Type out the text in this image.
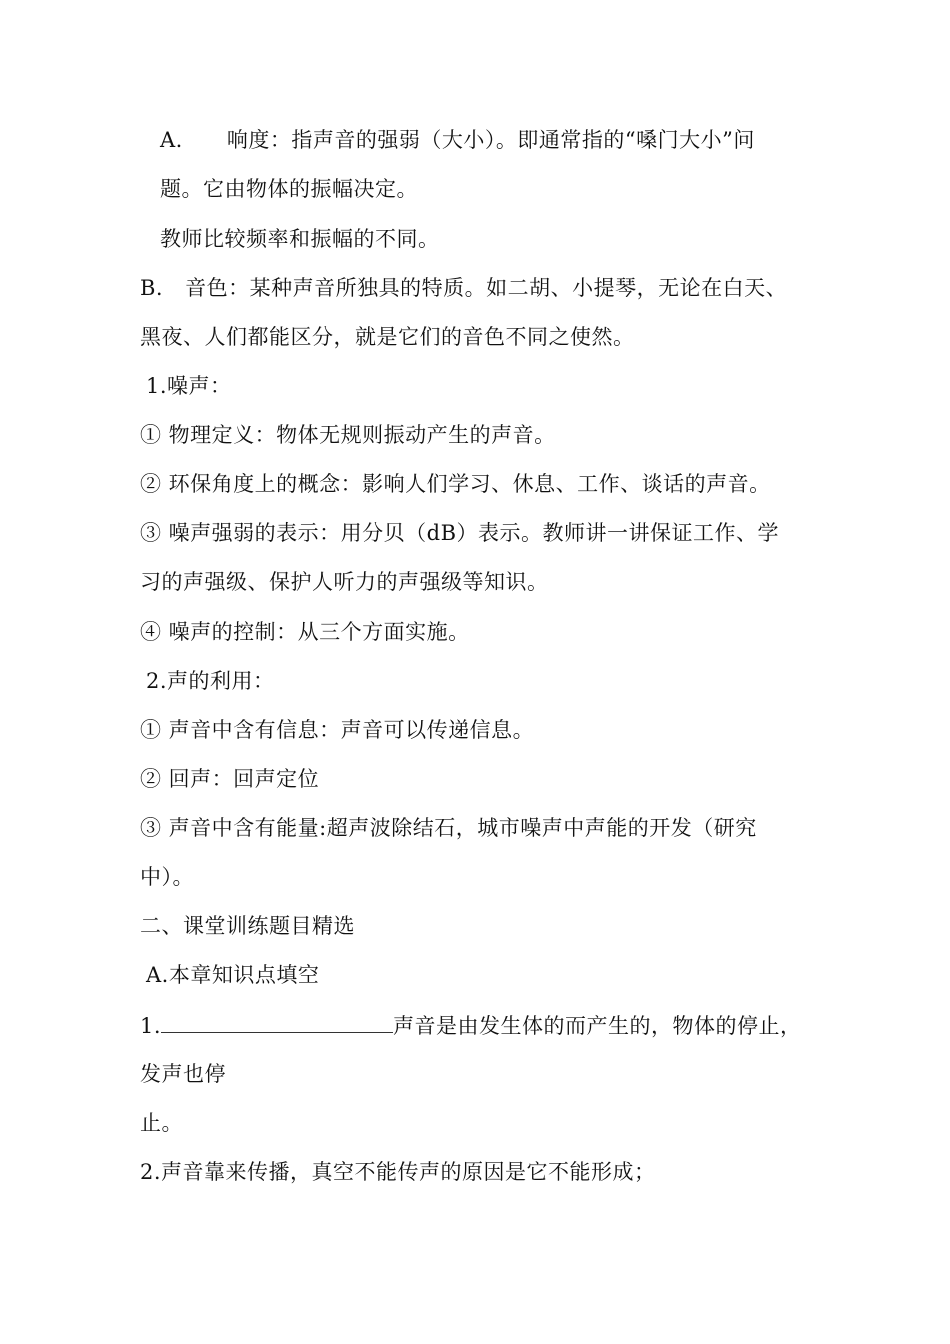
A. 响度：指声音的强弱（大小）。即通常指的“嗓门大小”问
题。它由物体的振幅决定。
教师比较频率和振幅的不同。
B. 音色：某种声音所独具的特质。如二胡、小提琴，无论在白天、
黑夜、人们都能区分，就是它们的音色不同之使然。
1.噪声：
① 物理定义：物体无规则振动产生的声音。
② 环保角度上的概念：影响人们学习、休息、工作、谈话的声音。
③ 噪声强弱的表示：用分贝（dB）表示。教师讲一讲保证工作、学
习的声强级、保护人听力的声强级等知识。
④ 噪声的控制：从三个方面实施。
2.声的利用：
① 声音中含有信息：声音可以传递信息。
② 回声：回声定位
③ 声音中含有能量:超声波除结石，城市噪声中声能的开发（研究
中）。
二、课堂训练题目精选
A.本章知识点填空
1.	声音是由发生体的而产生的，物体的停止，
发声也停
止。
2.声音靠来传播，真空不能传声的原因是它不能形成；
